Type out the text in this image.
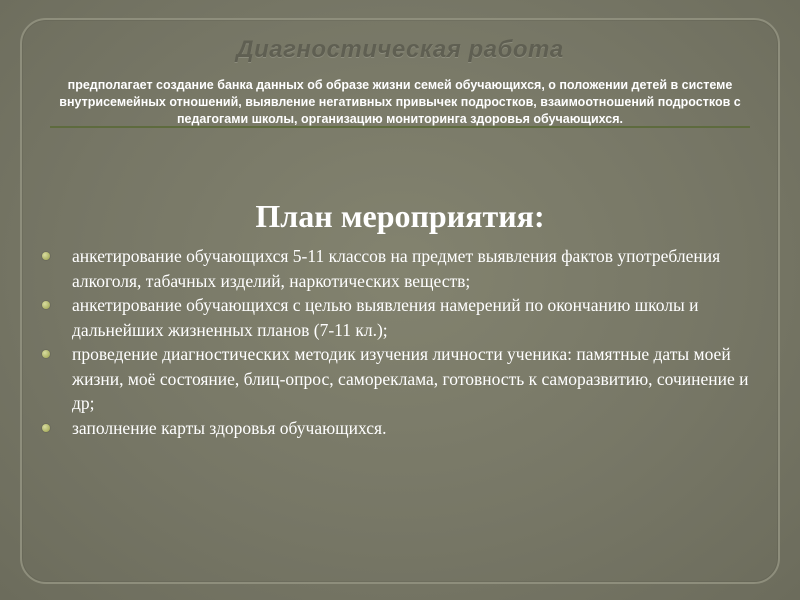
Диагностическая работа
предполагает создание банка данных об образе жизни семей обучающихся, о положении детей в системе внутрисемейных отношений, выявление негативных привычек подростков, взаимоотношений подростков с педагогами школы, организацию мониторинга здоровья обучающихся.
План мероприятия:
анкетирование обучающихся 5-11 классов на предмет выявления фактов употребления алкоголя, табачных изделий, наркотических веществ;
анкетирование обучающихся с целью выявления намерений по окончанию школы и дальнейших жизненных планов (7-11 кл.);
проведение диагностических методик изучения личности ученика: памятные даты моей жизни, моё состояние, блиц-опрос, самореклама, готовность к саморазвитию, сочинение и др;
заполнение карты здоровья обучающихся.
